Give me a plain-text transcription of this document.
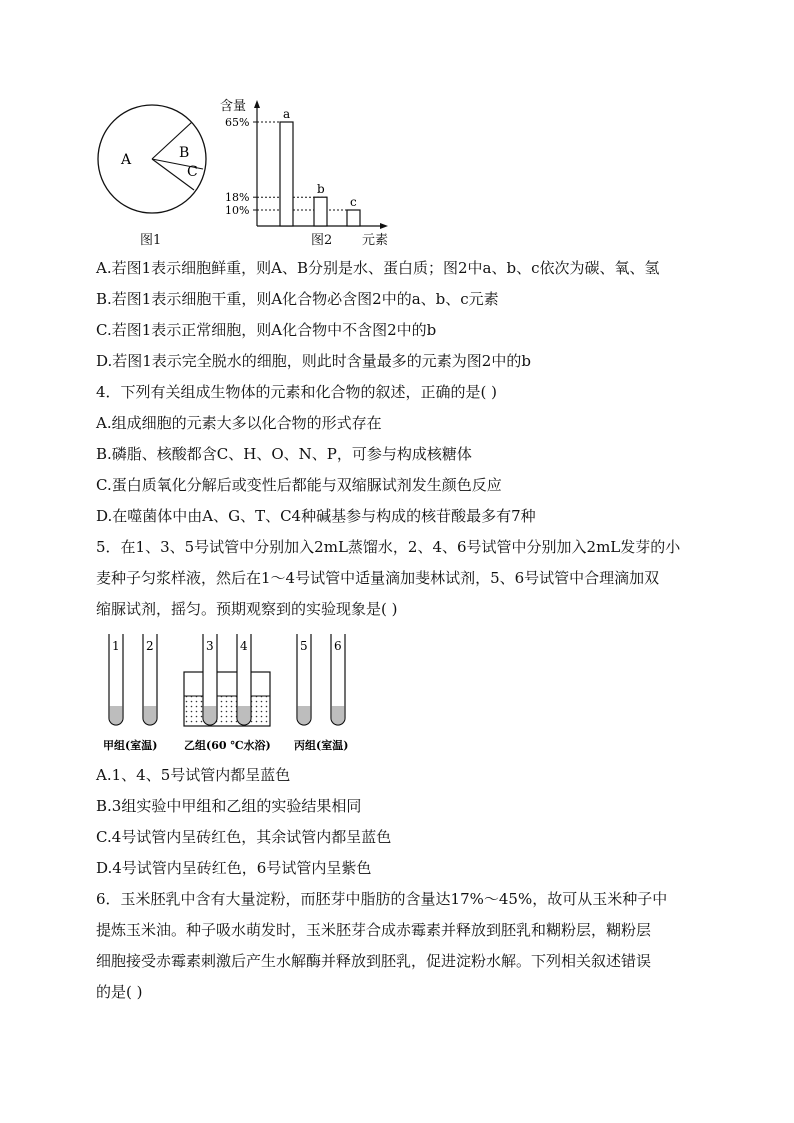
A	B
C
图1
含量
65%
18%
10%
a
b
c
图2 元素
A.若图1表示细胞鲜重，则A、B分别是水、蛋白质；图2中a、b、c依次为碳、氧、氢
B.若图1表示细胞干重，则A化合物必含图2中的a、b、c元素
C.若图1表示正常细胞，则A化合物中不含图2中的b
D.若图1表示完全脱水的细胞，则此时含量最多的元素为图2中的b
4．下列有关组成生物体的元素和化合物的叙述，正确的是( )
A.组成细胞的元素大多以化合物的形式存在
B.磷脂、核酸都含C、H、O、N、P，可参与构成核糖体
C.蛋白质氧化分解后或变性后都能与双缩脲试剂发生颜色反应
D.在噬菌体中由A、G、T、C4种碱基参与构成的核苷酸最多有7种
5．在1、3、5号试管中分别加入2mL蒸馏水，2、4、6号试管中分别加入2mL发芽的小
麦种子匀浆样液，然后在1～4号试管中适量滴加斐林试剂，5、6号试管中合理滴加双
缩脲试剂，摇匀。预期观察到的实验现象是( )
1 2	3 4	5 6
甲组(室温) 乙组(60 ℃水浴) 丙组(室温)
A.1、4、5号试管内都呈蓝色
B.3组实验中甲组和乙组的实验结果相同
C.4号试管内呈砖红色，其余试管内都呈蓝色
D.4号试管内呈砖红色，6号试管内呈紫色
6．玉米胚乳中含有大量淀粉，而胚芽中脂肪的含量达17%～45%，故可从玉米种子中
提炼玉米油。种子吸水萌发时，玉米胚芽合成赤霉素并释放到胚乳和糊粉层，糊粉层
细胞接受赤霉素刺激后产生水解酶并释放到胚乳，促进淀粉水解。下列相关叙述错误
的是( )
